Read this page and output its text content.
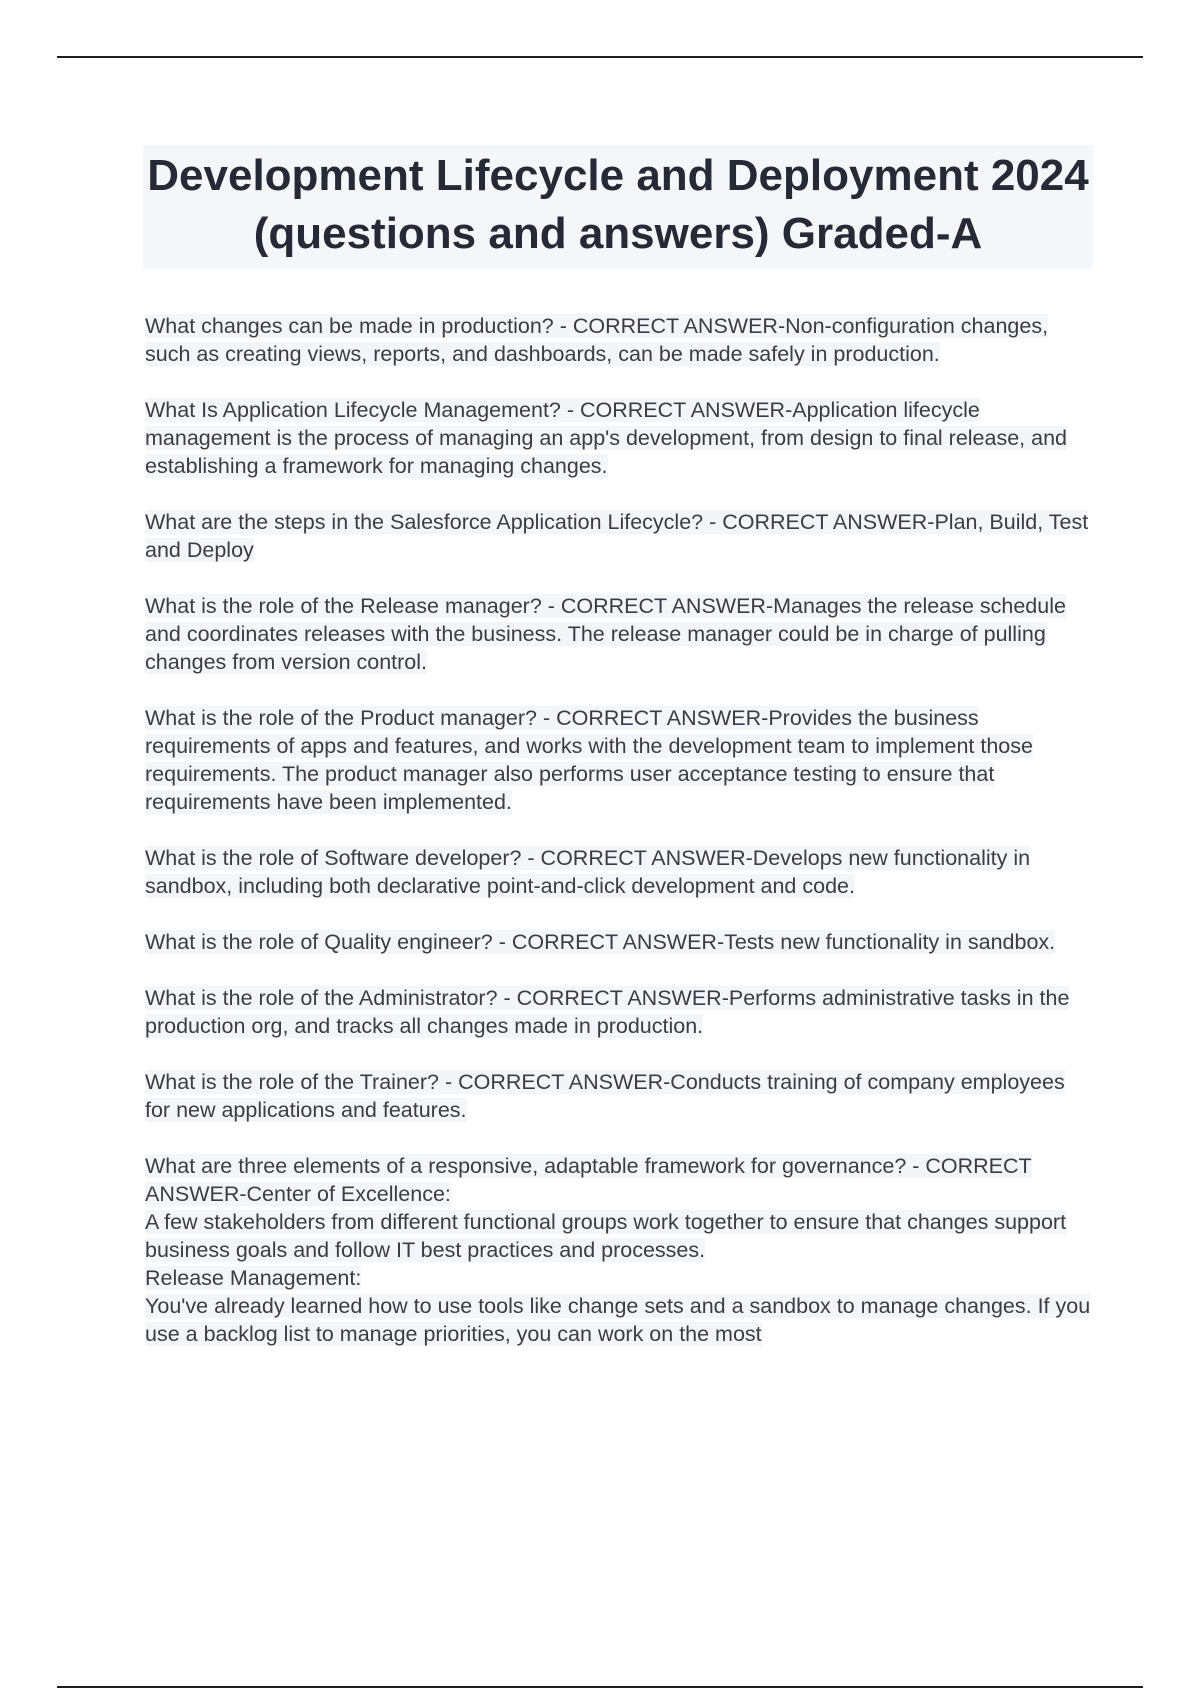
Development Lifecycle and Deployment 2024 (questions and answers) Graded-A

What changes can be made in production? - CORRECT ANSWER-Non-configuration changes, such as creating views, reports, and dashboards, can be made safely in production.

What Is Application Lifecycle Management? - CORRECT ANSWER-Application lifecycle management is the process of managing an app's development, from design to final release, and establishing a framework for managing changes.

What are the steps in the Salesforce Application Lifecycle? - CORRECT ANSWER-Plan, Build, Test and Deploy

What is the role of the Release manager? - CORRECT ANSWER-Manages the release schedule and coordinates releases with the business. The release manager could be in charge of pulling changes from version control.

What is the role of the Product manager? - CORRECT ANSWER-Provides the business requirements of apps and features, and works with the development team to implement those requirements. The product manager also performs user acceptance testing to ensure that requirements have been implemented.

What is the role of Software developer? - CORRECT ANSWER-Develops new functionality in sandbox, including both declarative point-and-click development and code.

What is the role of Quality engineer? - CORRECT ANSWER-Tests new functionality in sandbox.

What is the role of the Administrator? - CORRECT ANSWER-Performs administrative tasks in the production org, and tracks all changes made in production.

What is the role of the Trainer? - CORRECT ANSWER-Conducts training of company employees for new applications and features.

What are three elements of a responsive, adaptable framework for governance? - CORRECT ANSWER-Center of Excellence:
A few stakeholders from different functional groups work together to ensure that changes support business goals and follow IT best practices and processes.
Release Management:
You've already learned how to use tools like change sets and a sandbox to manage changes. If you use a backlog list to manage priorities, you can work on the most
